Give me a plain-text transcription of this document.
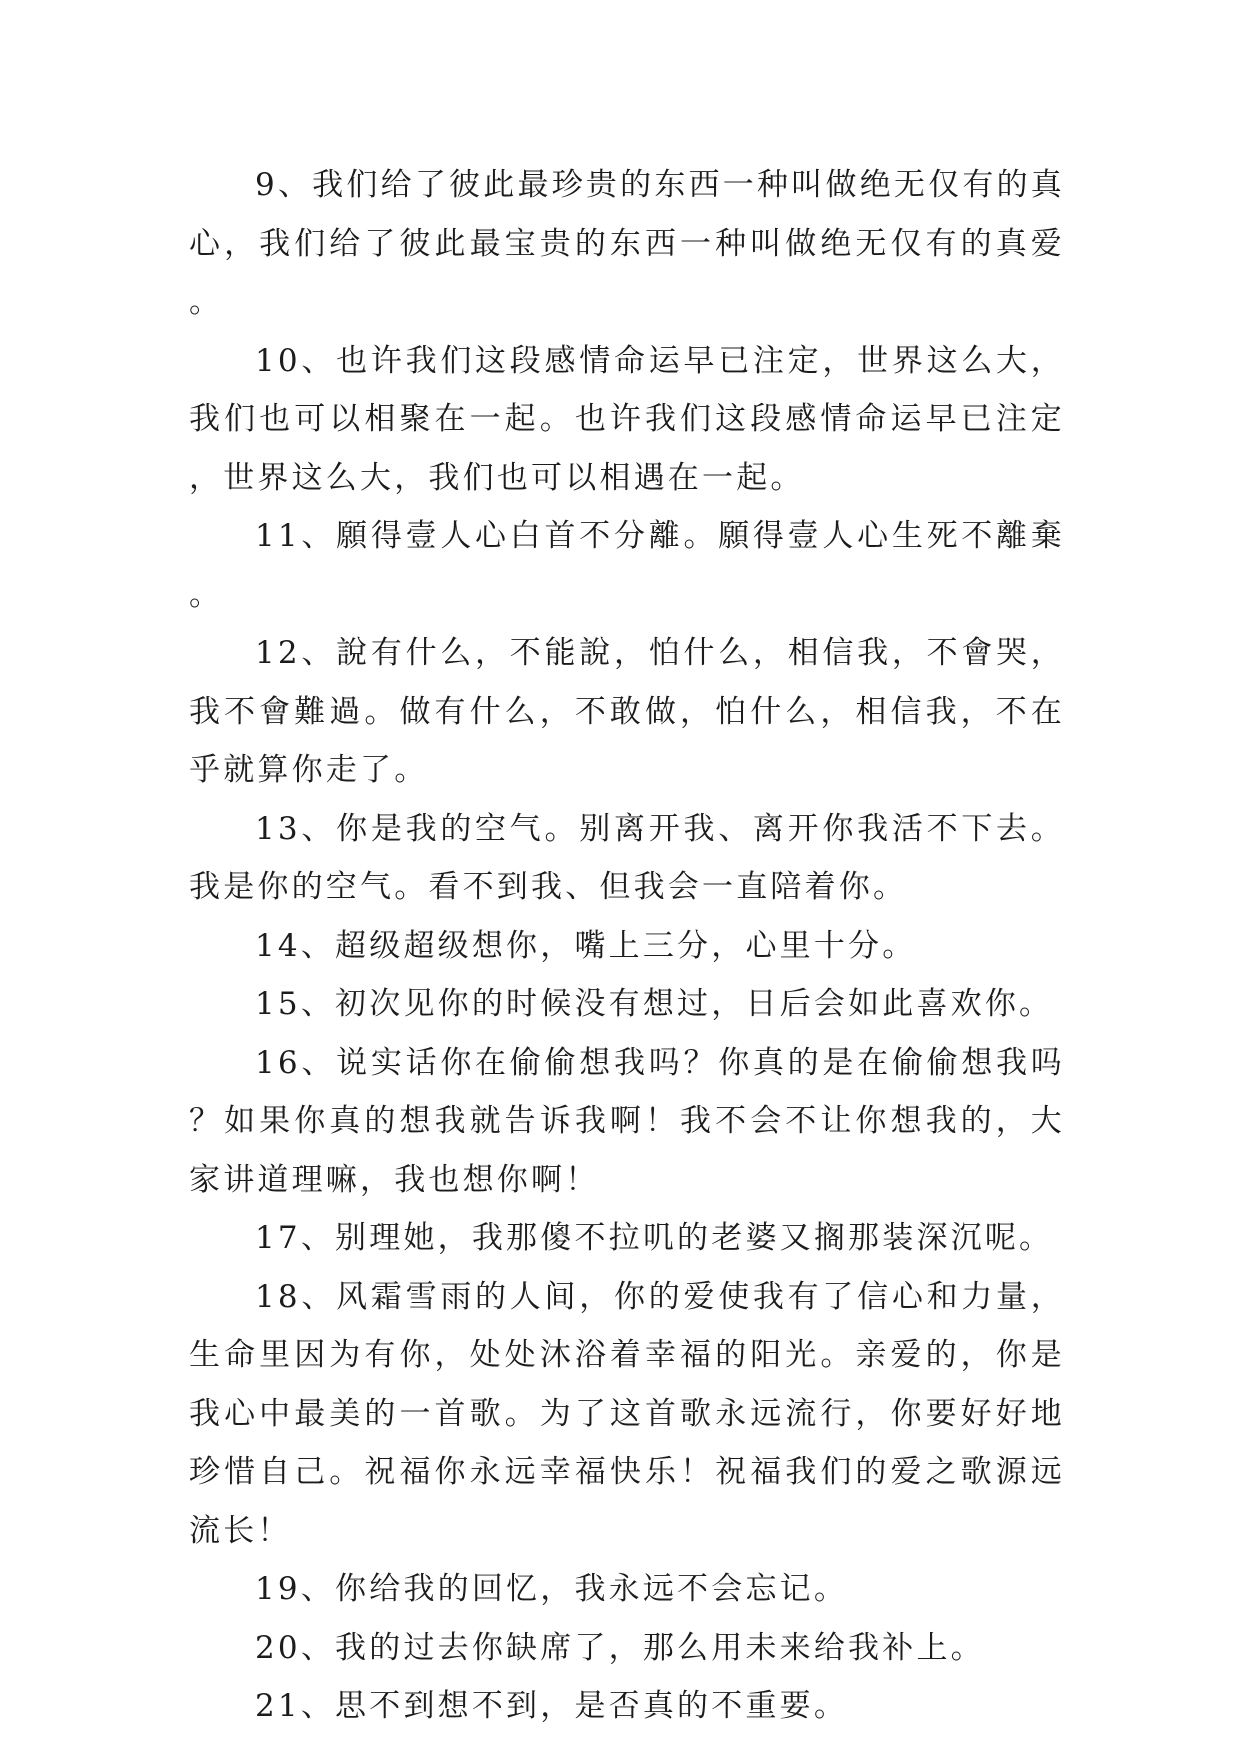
9、我们给了彼此最珍贵的东西一种叫做绝无仅有的真心，我们给了彼此最宝贵的东西一种叫做绝无仅有的真爱。

10、也许我们这段感情命运早已注定，世界这么大，我们也可以相聚在一起。也许我们这段感情命运早已注定，世界这么大，我们也可以相遇在一起。

11、願得壹人心白首不分離。願得壹人心生死不離棄。

12、說有什么，不能說，怕什么，相信我，不會哭，我不會難過。做有什么，不敢做，怕什么，相信我，不在乎就算你走了。

13、你是我的空气。别离开我、离开你我活不下去。我是你的空气。看不到我、但我会一直陪着你。

14、超级超级想你，嘴上三分，心里十分。

15、初次见你的时候没有想过，日后会如此喜欢你。

16、说实话你在偷偷想我吗？你真的是在偷偷想我吗？如果你真的想我就告诉我啊！我不会不让你想我的，大家讲道理嘛，我也想你啊！

17、别理她，我那傻不拉叽的老婆又搁那装深沉呢。

18、风霜雪雨的人间，你的爱使我有了信心和力量，生命里因为有你，处处沐浴着幸福的阳光。亲爱的，你是我心中最美的一首歌。为了这首歌永远流行，你要好好地珍惜自己。祝福你永远幸福快乐！祝福我们的爱之歌源远流长！

19、你给我的回忆，我永远不会忘记。

20、我的过去你缺席了，那么用未来给我补上。

21、思不到想不到，是否真的不重要。
